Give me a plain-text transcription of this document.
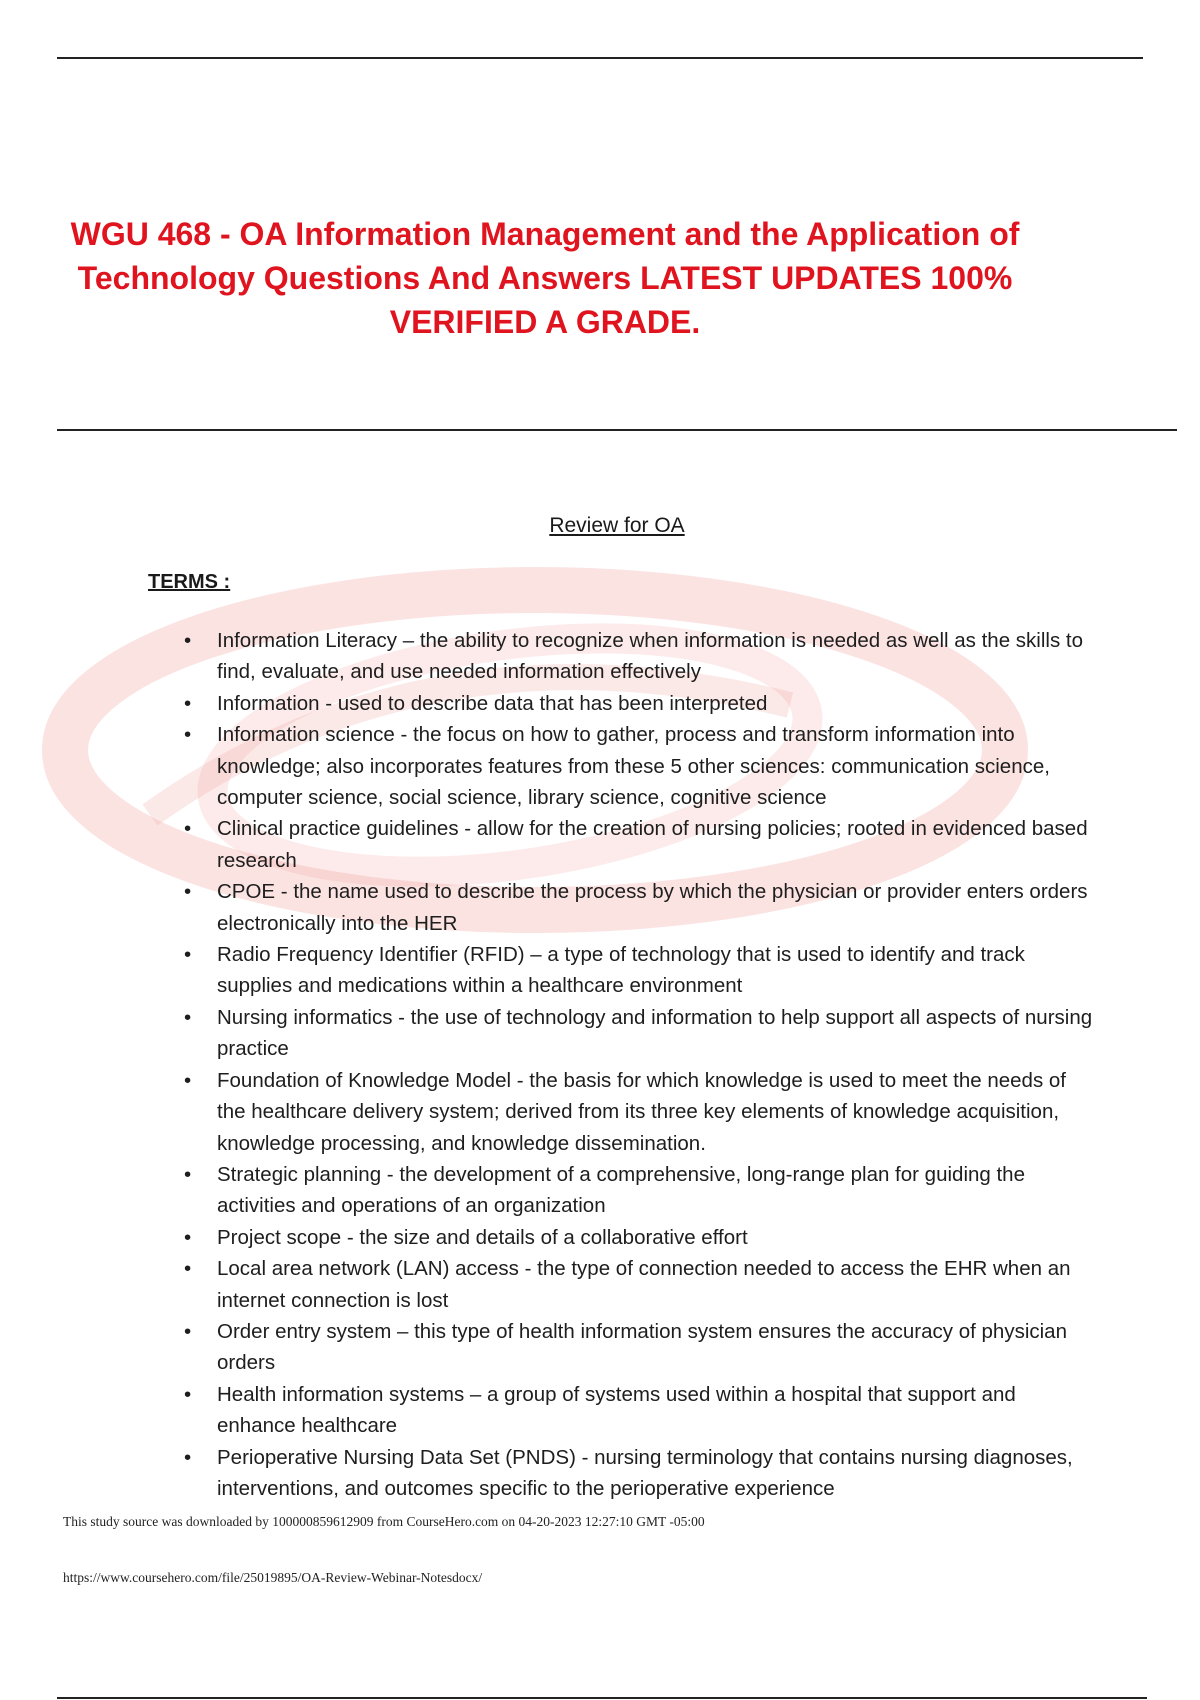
WGU 468 - OA Information Management and the Application of
Technology Questions And Answers LATEST UPDATES 100%
VERIFIED A GRADE.
Review for OA
TERMS :
• Information Literacy – the ability to recognize when information is needed as well as the skills to find, evaluate, and use needed information effectively
• Information - used to describe data that has been interpreted
• Information science - the focus on how to gather, process and transform information into knowledge; also incorporates features from these 5 other sciences: communication science, computer science, social science, library science, cognitive science
• Clinical practice guidelines - allow for the creation of nursing policies; rooted in evidenced based research
• CPOE - the name used to describe the process by which the physician or provider enters orders electronically into the HER
• Radio Frequency Identifier (RFID) – a type of technology that is used to identify and track supplies and medications within a healthcare environment
• Nursing informatics - the use of technology and information to help support all aspects of nursing practice
• Foundation of Knowledge Model - the basis for which knowledge is used to meet the needs of the healthcare delivery system; derived from its three key elements of knowledge acquisition, knowledge processing, and knowledge dissemination.
• Strategic planning - the development of a comprehensive, long-range plan for guiding the activities and operations of an organization
• Project scope - the size and details of a collaborative effort
• Local area network (LAN) access - the type of connection needed to access the EHR when an internet connection is lost
• Order entry system – this type of health information system ensures the accuracy of physician orders
• Health information systems – a group of systems used within a hospital that support and enhance healthcare
• Perioperative Nursing Data Set (PNDS) - nursing terminology that contains nursing diagnoses, interventions, and outcomes specific to the perioperative experience
This study source was downloaded by 100000859612909 from CourseHero.com on 04-20-2023 12:27:10 GMT -05:00
https://www.coursehero.com/file/25019895/OA-Review-Webinar-Notesdocx/
